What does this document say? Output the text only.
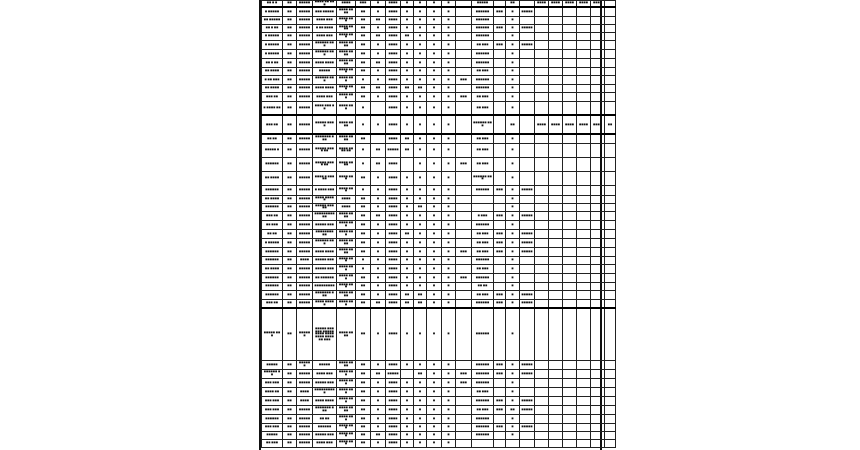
■■ ■ ■	■■	■■■■■	■■■■ ■■ ■■■	■■■■	■■■	■	■■■■	■	■	■	■		■■■■■		■■		■■■■	■■■■	■■■■	■■■■	■■■■	
■ ■■■■■	■■	■■■■■	■■■ ■■■■■	■■■■ ■■■■	■■	■	■■■■	■	■	■	■		■■■■■■	■■■	■	■■■■■						
■■ ■■■■■	■■	■■■■■	■■■■ ■■■	■■■■ ■■■	■■	■■	■■■■	■	■	■	■		■■■■■■		■							
■■ ■ ■■	■■	■■■■■	■ ■■ ■■■■	■■■■ ■■■■	■■	■	■■■■	■	■	■	■		■■■■■■	■■■	■	■■■■■						
■ ■■■■■	■■	■■■■■	■■■■ ■■■	■■■■ ■■■	■■	■■	■■■■	■■	■	■	■		■■■■■■		■							
■ ■■■■■	■■	■■■■■	■■■■■■ ■■■	■■■■ ■■■■	■■	■	■■■■	■	■	■	■		■■ ■■■	■■■	■	■■■■■						
■ ■■■■■	■■	■■■■■	■■■■■■ ■■■	■■■■ ■■■■	■■	■	■■■■	■	■	■	■		■■■■■■		■							
■■ ■ ■■	■■	■■■■■	■■■■ ■■■■	■■■■ ■■■■	■■	■■	■■■■	■	■	■	■		■■■■■■		■							
■■ ■■■■	■■	■■■■■	■■■■■	■■■■ ■■■	■■	■	■■■■	■	■	■	■		■■ ■■■		■							
■ ■■ ■■■	■■	■■■■■	■■■■■■ ■■■	■■■■ ■■■	■	■	■■■■	■	■	■	■	■■■	■■■■■■		■							
■■ ■■■■	■■	■■■■■	■■■■ ■■■■	■■■■ ■■■	■■	■■	■■■■	■■	■■	■	■		■■■■■■		■							
■■■ ■■	■■	■■■■■	■■■■ ■■■	■■■■ ■■■	■■	■	■■■■	■	■	■	■	■■■	■■ ■■■		■							
■ ■■■■ ■■	■■	■■■■■	■■■■ ■■■ ■■	■■■■ ■■■	■		■■■■	■	■	■	■		■■ ■■■		■							
■■■ ■■	■■	■■■■■	■■■■■ ■■■■	■■■■ ■■■■	■	■	■■■■	■	■	■	■		■■■■■■ ■■■		■■		■■■■	■■■■	■■■■	■■■■	■■■■	■■
■■ ■■	■■	■■■■■	■■■■■■■ ■■■	■■■■ ■■■■	■■		■■■■	■■	■	■	■		■■ ■■■		■							
■■■■■ ■	■■	■■■■■	■■■■■ ■■■■ ■■	■■■■ ■■■■ ■■	■	■■	■■■■■	■■	■	■	■		■■ ■■■		■							
■■■■■■	■■	■■■■■	■■■■■ ■■■■ ■■	■■■■ ■■■■	■	■■	■■■■		■	■	■	■■■	■■ ■■■		■							
■■ ■■■■	■■	■■■■■	■■■■ ■ ■■■■■	■■■■ ■■■	■■	■	■■■■	■	■	■	■		■■■■■■ ■■■		■							
■■■■■■	■■	■■■■■	■ ■■■■ ■■■	■■■■ ■■■	■	■	■■■■	■	■	■	■		■■■■■■	■■■	■	■■■■■						
■■ ■■■■	■■	■■■■■	■■■■ ■■■■■	■■■■	■■	■	■■■■	■	■	■	■				■							
■■■■■■	■■	■■■■■	■■■■■ ■■■■■	■■■■	■■	■	■■■■	■	■■	■	■				■							
■■■ ■■	■■	■■■■■	■■■■■■■■■■■	■■■■ ■■■■	■■	■■	■■■■	■	■	■	■		■ ■■■	■■■	■	■■■■■						
■■ ■■■	■■	■■■■■	■■■■■ ■■■	■■■■ ■■■	■■	■	■■■■	■	■	■	■		■■■■■■		■							
■■ ■■	■■	■■■■■	■■■■■■■■ ■■	■■■■ ■■■	■■	■	■■■■	■■	■	■	■		■■ ■■■	■■■	■	■■■■■						
■ ■■■■■	■■	■■■■■	■■■■■■ ■■■	■■■■ ■■■■	■■	■	■■■■	■	■	■	■		■■ ■■■	■■■	■	■■■■■						
■■■■■■	■■	■■■■■	■■■■ ■■■■	■■■■ ■■■■	■■	■	■■■■	■	■	■	■	■■■	■■ ■■■	■■■	■	■■■■■						
■■■■■■	■■	■■■■	■■■■■ ■■■	■■■■ ■■■	■	■	■■■■	■	■	■	■		■■■■■■		■							
■■ ■■■■	■■	■■■■■	■■■■■ ■■■	■■■■ ■■■	■	■	■■■■	■	■	■	■		■■ ■■■		■							
■■■■■■	■■	■■■■■	■■ ■■■■■■	■■■■ ■■■	■■	■	■■■■	■	■	■	■	■■■	■■■■■■		■							
■■■■■■	■■	■■■■■	■■■■■■■■■	■■■■ ■■■	■■	■	■■■■	■	■	■	■		■■ ■■		■							
■■■■■■	■■	■■■■■	■■■■■■■ ■■■	■■■■ ■■■■	■■	■	■■■■	■■	■■	■	■		■■ ■■■	■■■	■	■■■■■						
■■■ ■■	■■	■■■■■	■■■■ ■■■■■	■■■■ ■■■	■■	■■	■■■■	■■	■■	■	■		■■■■■■	■■■	■	■■■■■						
■■■■■ ■■■	■■	■■■■■■	■■■■■ ■■■■■■ ■■■■■ ■■■■ ■■■■ ■■■■ ■■■■■■ ■■■	■■■■ ■■■■	■■	■	■■■■	■	■	■	■		■■■■■■		■							
■■■■■	■■	■■■■■■	■■■■■	■■■■ ■■■■	■■	■	■■■■	■	■	■	■		■■■■■■	■■■	■	■■■■■						
■■■■■■ ■■	■■	■■■■■	■■■■ ■■■	■■■■ ■■■	■■	■■	■■■■■		■■	■	■	■■■	■■■■■■	■■■	■	■■■■■						
■■■ ■■■	■■	■■■■■	■■■■■ ■■■	■■■■ ■■■	■■	■	■■■■	■	■	■	■	■■■	■■■■■■		■							
■■■■ ■■	■■	■■■■	■■■■■■■■■■	■■■■ ■■■	■■	■	■■■■	■	■	■	■		■■ ■■■		■							
■■■ ■■■	■■	■■■■	■■■■ ■■■■	■■■■ ■■■	■■	■	■■■■	■	■	■	■		■■■■■■	■■■	■	■■■■■						
■■■ ■■■	■■	■■■■■	■■■■■■■ ■■■	■■■■ ■■■■	■■	■	■■■■	■	■	■	■		■■ ■■■	■■■	■■	■■■■■						
■■■■■■	■■	■■■■■	■■ ■■	■■■■ ■■■	■■	■	■■■■	■	■	■	■		■■■■■■		■							
■■■ ■■■	■■	■■■■■	■■■■■■	■■■■ ■■■	■■	■	■■■■	■	■	■	■		■■■■■■	■■■	■	■■■■■						
■■■■■	■■	■■■■■	■■■■■ ■■■	■■■■ ■■■	■■	■■	■■■■	■	■	■	■		■■■■■■		■							
■■ ■■■	■■	■■■■■	■■■■ ■■■	■■■■ ■■■	■■	■	■■■■	■	■	■	■											
